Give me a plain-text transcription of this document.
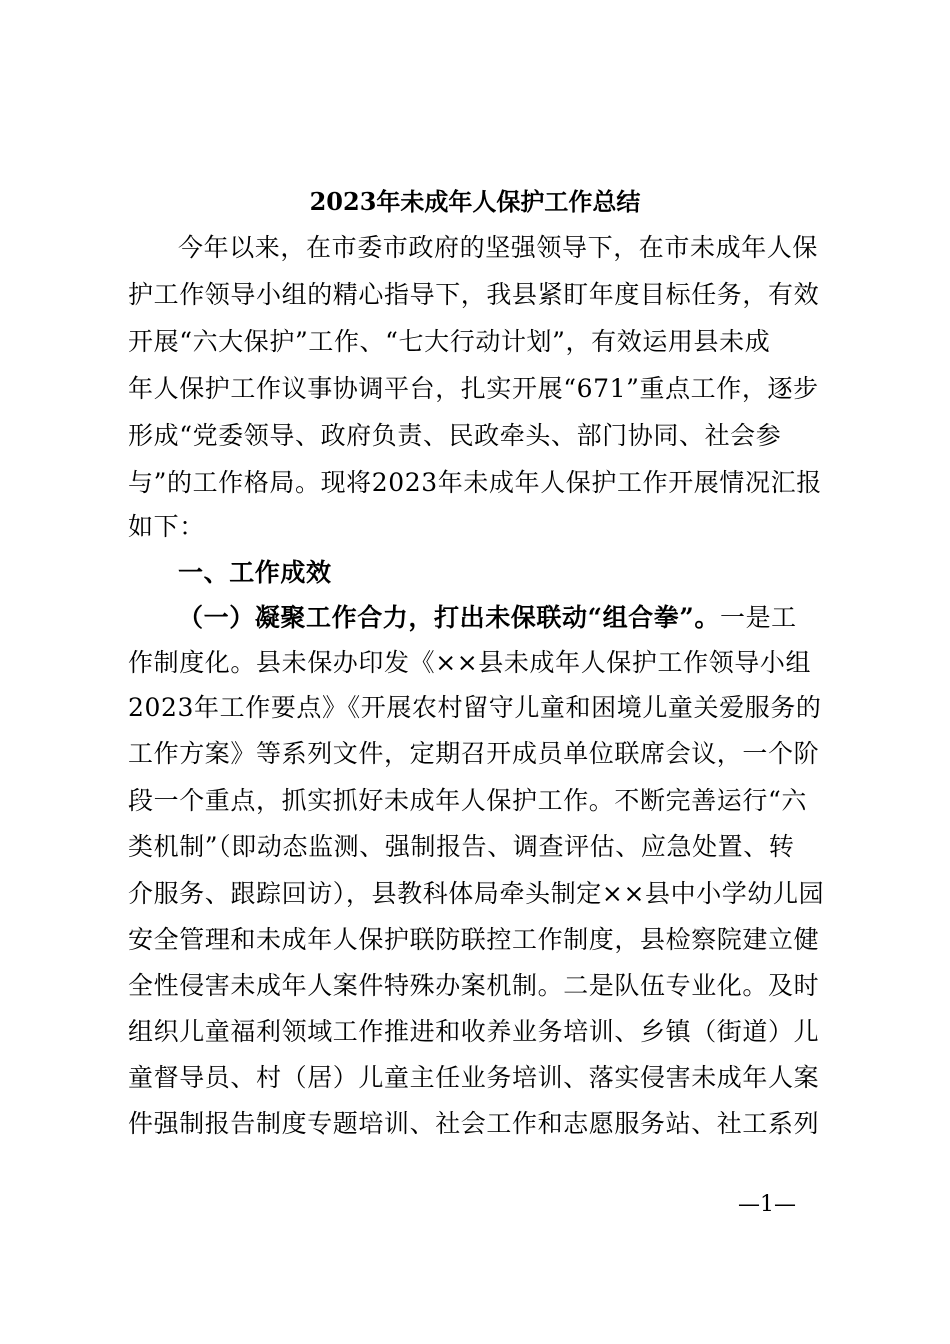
2023年未成年人保护工作总结
今年以来，在市委市政府的坚强领导下，在市未成年人保
护工作领导小组的精心指导下，我县紧盯年度目标任务，有效
开展“六大保护”工作、“七大行动计划”，有效运用县未成
年人保护工作议事协调平台，扎实开展“671”重点工作，逐步
形成“党委领导、政府负责、民政牵头、部门协同、社会参
与”的工作格局。现将2023年未成年人保护工作开展情况汇报
如下：
一、工作成效
（一）凝聚工作合力，打出未保联动“组合拳”。一是工
作制度化。县未保办印发《××县未成年人保护工作领导小组
2023年工作要点》《开展农村留守儿童和困境儿童关爱服务的
工作方案》等系列文件，定期召开成员单位联席会议，一个阶
段一个重点，抓实抓好未成年人保护工作。不断完善运行“六
类机制”（即动态监测、强制报告、调查评估、应急处置、转
介服务、跟踪回访），县教科体局牵头制定××县中小学幼儿园
安全管理和未成年人保护联防联控工作制度，县检察院建立健
全性侵害未成年人案件特殊办案机制。二是队伍专业化。及时
组织儿童福利领域工作推进和收养业务培训、乡镇（街道）儿
童督导员、村（居）儿童主任业务培训、落实侵害未成年人案
件强制报告制度专题培训、社会工作和志愿服务站、社工系列
—1—
